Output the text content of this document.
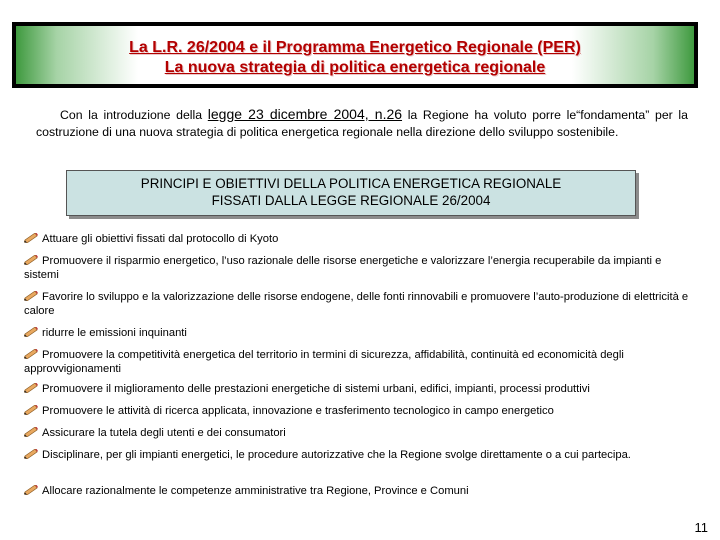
La L.R. 26/2004 e il Programma Energetico Regionale (PER)
La nuova strategia di politica energetica regionale
Con la introduzione della legge 23 dicembre 2004, n.26 la Regione ha voluto porre le“fondamenta” per la costruzione di una nuova strategia di politica energetica regionale nella direzione dello sviluppo sostenibile.
PRINCIPI E OBIETTIVI DELLA POLITICA ENERGETICA REGIONALE
FISSATI DALLA LEGGE REGIONALE 26/2004
Attuare gli obiettivi fissati dal protocollo di Kyoto
Promuovere il risparmio energetico, l’uso razionale delle risorse energetiche e valorizzare l’energia recuperabile da impianti e sistemi
Favorire lo sviluppo e la valorizzazione delle risorse endogene, delle fonti rinnovabili e promuovere l’auto-produzione di elettricità e calore
ridurre le emissioni inquinanti
Promuovere la competitività energetica del territorio in termini di sicurezza, affidabilità, continuità ed economicità degli approvvigionamenti
Promuovere il miglioramento delle prestazioni energetiche di sistemi urbani, edifici, impianti, processi produttivi
Promuovere le attività di ricerca applicata, innovazione e trasferimento tecnologico in campo energetico
Assicurare la tutela degli utenti e dei consumatori
Disciplinare, per gli impianti energetici, le procedure autorizzative che la Regione svolge direttamente o a cui partecipa.
Allocare razionalmente le competenze amministrative tra Regione, Province e Comuni
11
